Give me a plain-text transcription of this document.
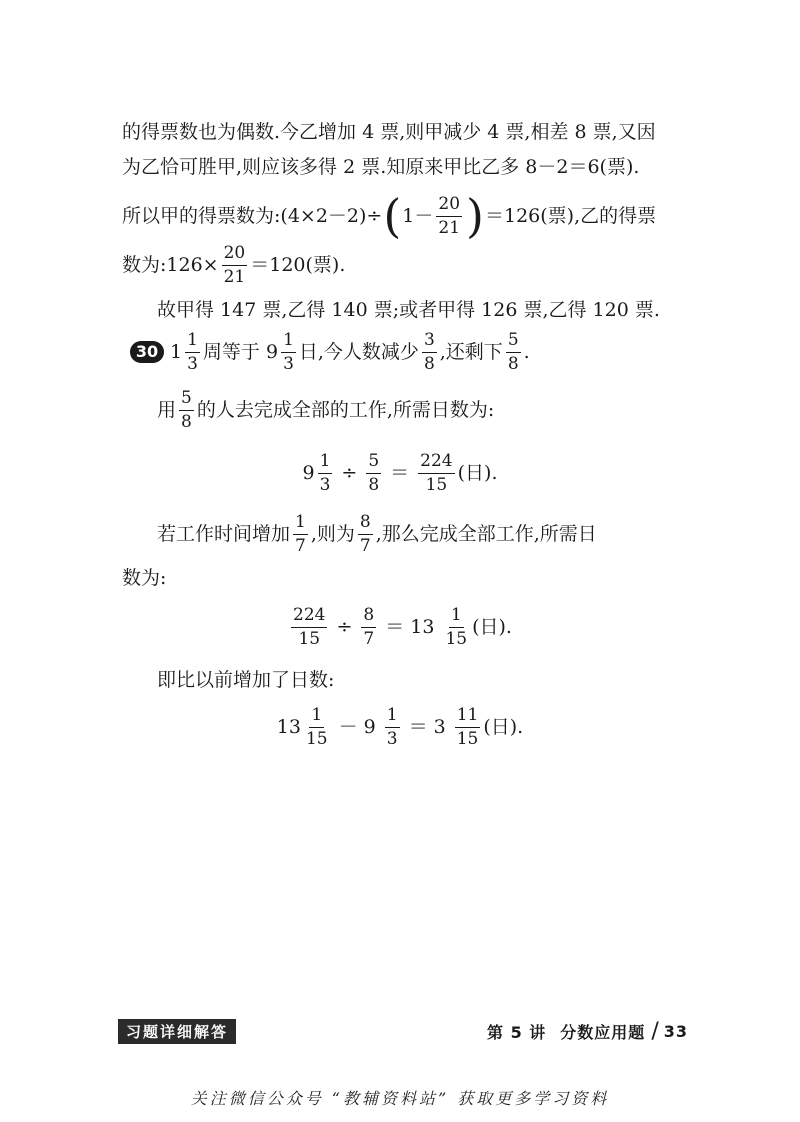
的得票数也为偶数.今乙增加 4 票,则甲减少 4 票,相差 8 票,又因
为乙恰可胜甲,则应该多得 2 票.知原来甲比乙多 8－2＝6(票).
所以甲的得票数为:(4×2－2)÷ ( $1- \frac{20}{21}$ ) ＝126(票),乙的得票
数为:126× $\frac{20}{21} =120$(票).
故甲得 147 票,乙得 140 票;或者甲得 126 票,乙得 120 票.
30 $1 \frac{1}{3}$ 周等于 $9 \frac{1}{3}$ 日,今人数减少 $\frac{3}{8}$ ,还剩下 $\frac{5}{8}$ .
用 $\frac{5}{8}$ 的人去完成全部的工作,所需日数为:
$9 \frac{1}{3} \div \frac{5}{8} = \frac{224}{15}$ (日).
若工作时间增加 $\frac{1}{7}$ ,则为 $\frac{8}{7}$ ,那么完成全部工作,所需日
数为:
$\frac{224}{15} \div \frac{8}{7} = 13 \frac{1}{15}$ (日).
即比以前增加了日数:
$13 \frac{1}{15} - 9 \frac{1}{3} = 3 \frac{11}{15}$ (日).
习题详细解答	第 5 讲 分数应用题 / 33
关注微信公众号 “教辅资料站” 获取更多学习资料
